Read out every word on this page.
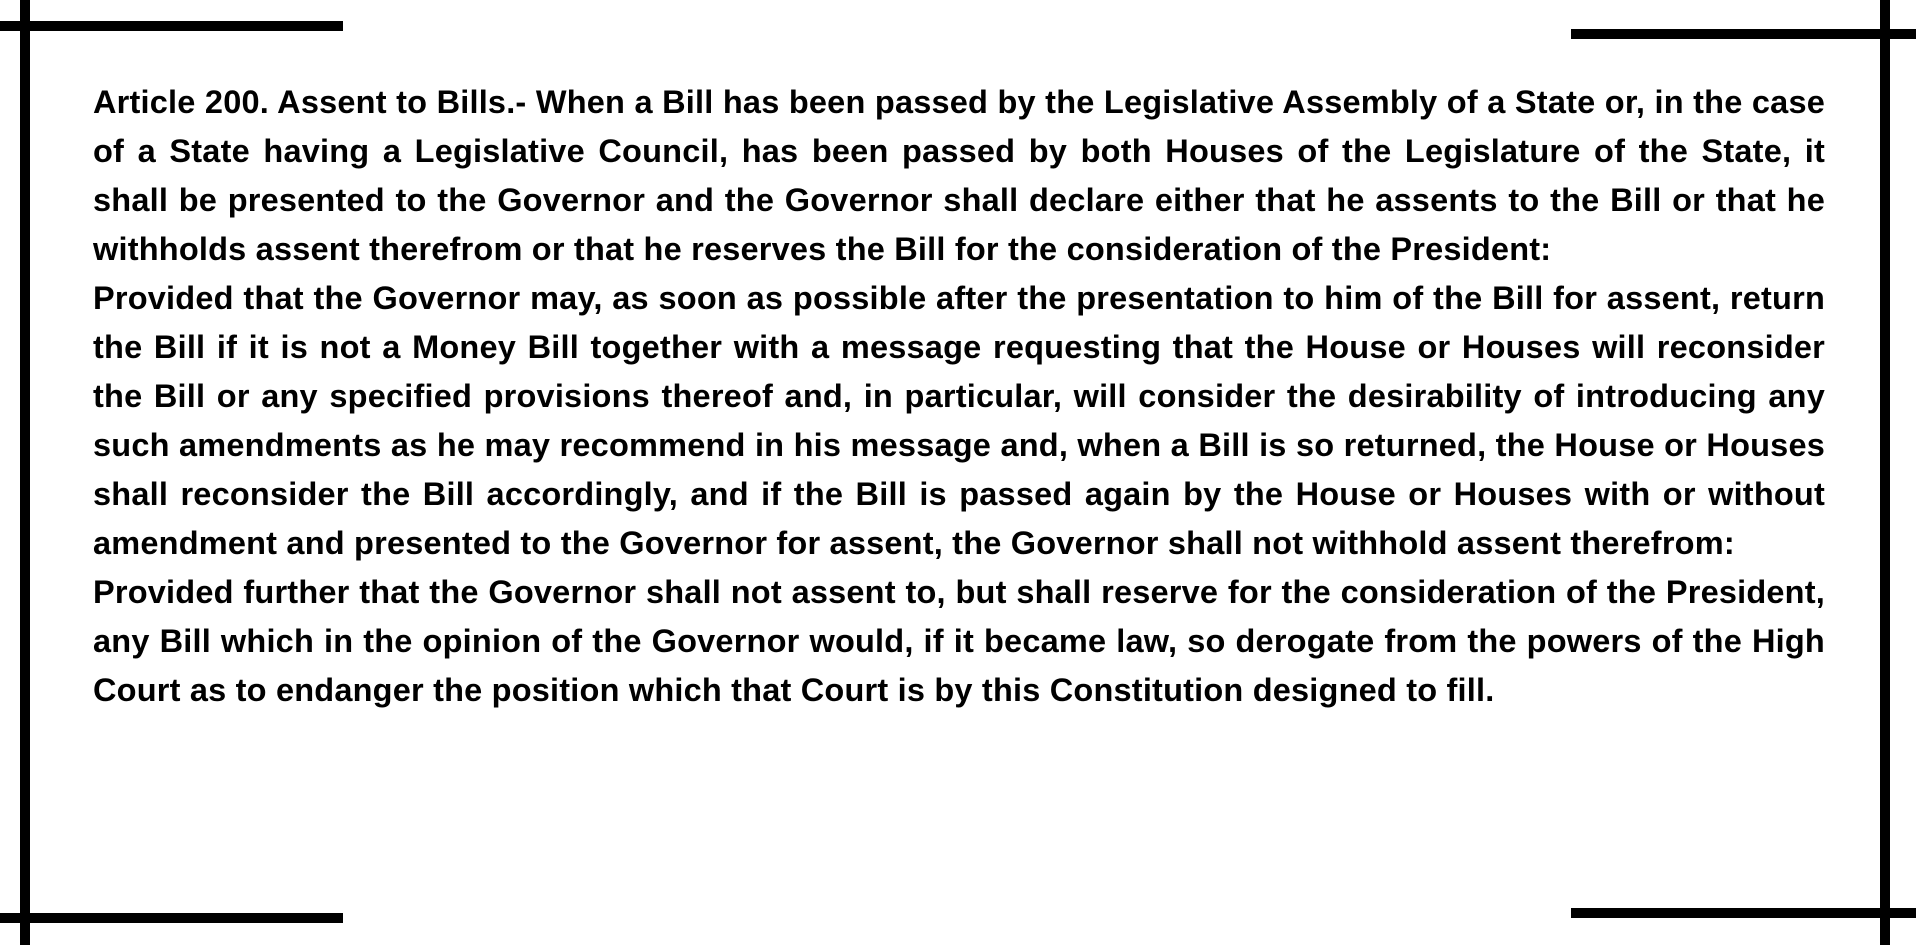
Article 200. Assent to Bills.- When a Bill has been passed by the Legislative Assembly of a State or, in the case of a State having a Legislative Council, has been passed by both Houses of the Legislature of the State, it shall be presented to the Governor and the Governor shall declare either that he assents to the Bill or that he withholds assent therefrom or that he reserves the Bill for the consideration of the President:

Provided that the Governor may, as soon as possible after the presentation to him of the Bill for assent, return the Bill if it is not a Money Bill together with a message requesting that the House or Houses will reconsider the Bill or any specified provisions thereof and, in particular, will consider the desirability of introducing any such amendments as he may recommend in his message and, when a Bill is so returned, the House or Houses shall reconsider the Bill accordingly, and if the Bill is passed again by the House or Houses with or without amendment and presented to the Governor for assent, the Governor shall not withhold assent therefrom:

Provided further that the Governor shall not assent to, but shall reserve for the consideration of the President, any Bill which in the opinion of the Governor would, if it became law, so derogate from the powers of the High Court as to endanger the position which that Court is by this Constitution designed to fill.
